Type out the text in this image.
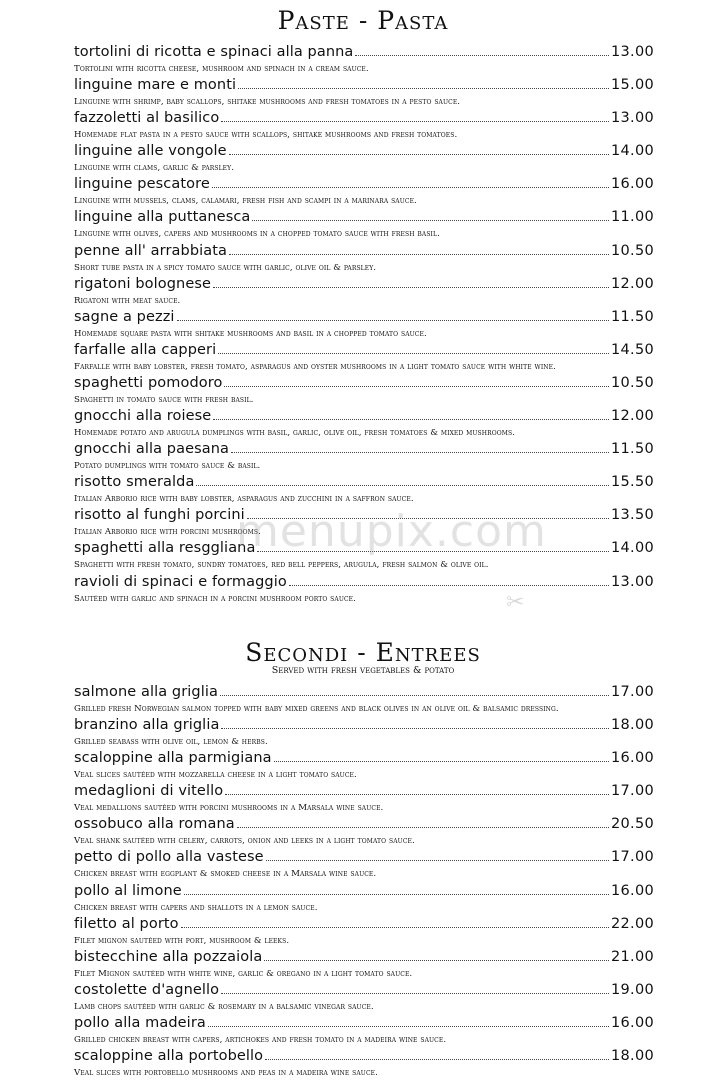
Paste - Pasta
tortolini di ricotta e spinaci alla panna	13.00
Tortolini with ricotta cheese, mushroom and spinach in a cream sauce.
linguine mare e monti	15.00
Linguine with shrimp, baby scallops, shitake mushrooms and fresh tomatoes in a pesto sauce.
fazzoletti al basilico	13.00
Homemade flat pasta in a pesto sauce with scallops, shitake mushrooms and fresh tomatoes.
linguine alle vongole	14.00
Linguine with clams, garlic & parsley.
linguine pescatore	16.00
Linguine with mussels, clams, calamari, fresh fish and scampi in a marinara sauce.
linguine alla puttanesca	11.00
Linguine with olives, capers and mushrooms in a chopped tomato sauce with fresh basil.
penne all' arrabbiata	10.50
Short tube pasta in a spicy tomato sauce with garlic, olive oil & parsley.
rigatoni bolognese	12.00
Rigatoni with meat sauce.
sagne a pezzi	11.50
Homemade square pasta with shitake mushrooms and basil in a chopped tomato sauce.
farfalle alla capperi	14.50
Farfalle with baby lobster, fresh tomato, asparagus and oyster mushrooms in a light tomato sauce with white wine.
spaghetti pomodoro	10.50
Spaghetti in tomato sauce with fresh basil.
gnocchi alla roiese	12.00
Homemade potato and arugula dumplings with basil, garlic, olive oil, fresh tomatoes & mixed mushrooms.
gnocchi alla paesana	11.50
Potato dumplings with tomato sauce & basil.
risotto smeralda	15.50
Italian Arborio rice with baby lobster, asparagus and zucchini in a saffron sauce.
risotto al funghi porcini	13.50
Italian Arborio rice with porcini mushrooms.
spaghetti alla resggliana	14.00
Spaghetti with fresh tomato, sundry tomatoes, red bell peppers, arugula, fresh salmon & olive oil.
ravioli di spinaci e formaggio	13.00
Sautéed with garlic and spinach in a porcini mushroom porto sauce.
Secondi - Entrees
Served with fresh vegetables & potato
salmone alla griglia	17.00
Grilled fresh Norwegian salmon topped with baby mixed greens and black olives in an olive oil & balsamic dressing.
branzino alla griglia	18.00
Grilled seabass with olive oil, lemon & herbs.
scaloppine alla parmigiana	16.00
Veal slices sautéed with mozzarella cheese in a light tomato sauce.
medaglioni di vitello	17.00
Veal medallions sautéed with porcini mushrooms in a Marsala wine sauce.
ossobuco alla romana	20.50
Veal shank sautéed with celery, carrots, onion and leeks in a light tomato sauce.
petto di pollo alla vastese	17.00
Chicken breast with eggplant & smoked cheese in a Marsala wine sauce.
pollo al limone	16.00
Chicken breast with capers and shallots in a lemon sauce.
filetto al porto	22.00
Filet mignon sautéed with port, mushroom & leeks.
bistecchine alla pozzaiola	21.00
Filet Mignon sautéed with white wine, garlic & oregano in a light tomato sauce.
costolette d'agnello	19.00
Lamb chops sautéed with garlic & rosemary in a balsamic vinegar sauce.
pollo alla madeira	16.00
Grilled chicken breast with capers, artichokes and fresh tomato in a madeira wine sauce.
scaloppine alla portobello	18.00
Veal slices with portobello mushrooms and peas in a madeira wine sauce.
menupix.com
✂
